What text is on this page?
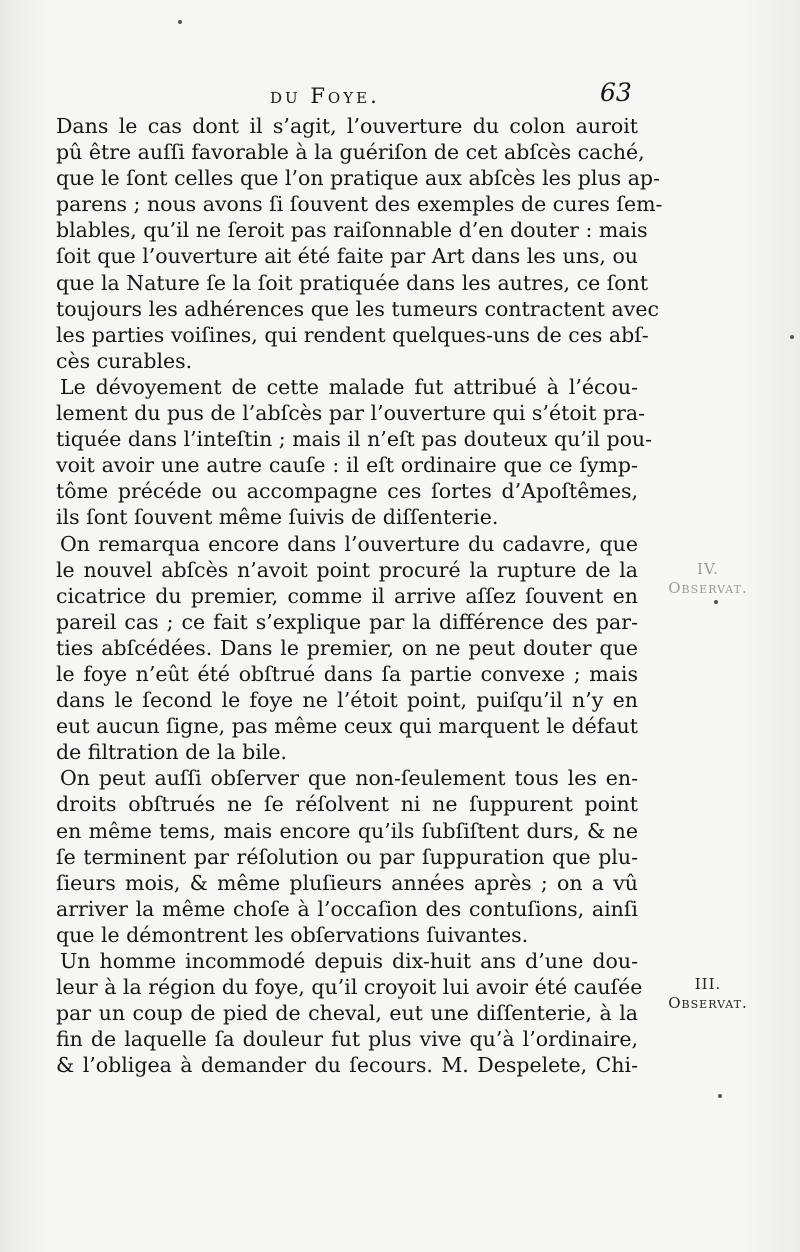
du Foye.	63
Dans le cas dont il s’agit, l’ouverture du colon auroit
pû être auſſi favorable à la guériſon de cet abſcès caché,
que le ſont celles que l’on pratique aux abſcès les plus ap-
parens ; nous avons ſi ſouvent des exemples de cures ſem-
blables, qu’il ne ſeroit pas raiſonnable d’en douter : mais
ſoit que l’ouverture ait été faite par Art dans les uns, ou
que la Nature ſe la ſoit pratiquée dans les autres, ce ſont
toujours les adhérences que les tumeurs contractent avec
les parties voiſines, qui rendent quelques-uns de ces abſ-
cès curables.
Le dévoyement de cette malade fut attribué à l’écou-
lement du pus de l’abſcès par l’ouverture qui s’étoit pra-
tiquée dans l’inteſtin ; mais il n’eſt pas douteux qu’il pou-
voit avoir une autre cauſe : il eſt ordinaire que ce ſymp-
tôme précéde ou accompagne ces ſortes d’Apoſtêmes,
ils ſont ſouvent même ſuivis de diſſenterie.
On remarqua encore dans l’ouverture du cadavre, que
le nouvel abſcès n’avoit point procuré la rupture de la
cicatrice du premier, comme il arrive aſſez ſouvent en
pareil cas ; ce fait s’explique par la différence des par-
ties abſcédées. Dans le premier, on ne peut douter que
le foye n’eût été obſtrué dans ſa partie convexe ; mais
dans le ſecond le foye ne l’étoit point, puiſqu’il n’y en
eut aucun ſigne, pas même ceux qui marquent le défaut
de filtration de la bile.
On peut auſſi obſerver que non-ſeulement tous les en-
droits obſtrués ne ſe réſolvent ni ne ſuppurent point
en même tems, mais encore qu’ils ſubſiſtent durs, & ne
ſe terminent par réſolution ou par ſuppuration que plu-
ſieurs mois, & même pluſieurs années après ; on a vû
arriver la même choſe à l’occaſion des contuſions, ainſi
que le démontrent les obſervations ſuivantes.
Un homme incommodé depuis dix-huit ans d’une dou-
leur à la région du foye, qu’il croyoit lui avoir été cauſée
par un coup de pied de cheval, eut une diſſenterie, à la
fin de laquelle ſa douleur fut plus vive qu’à l’ordinaire,
& l’obligea à demander du ſecours. M. Despelete, Chi-
IV.
Observat.
III.
Observat.
